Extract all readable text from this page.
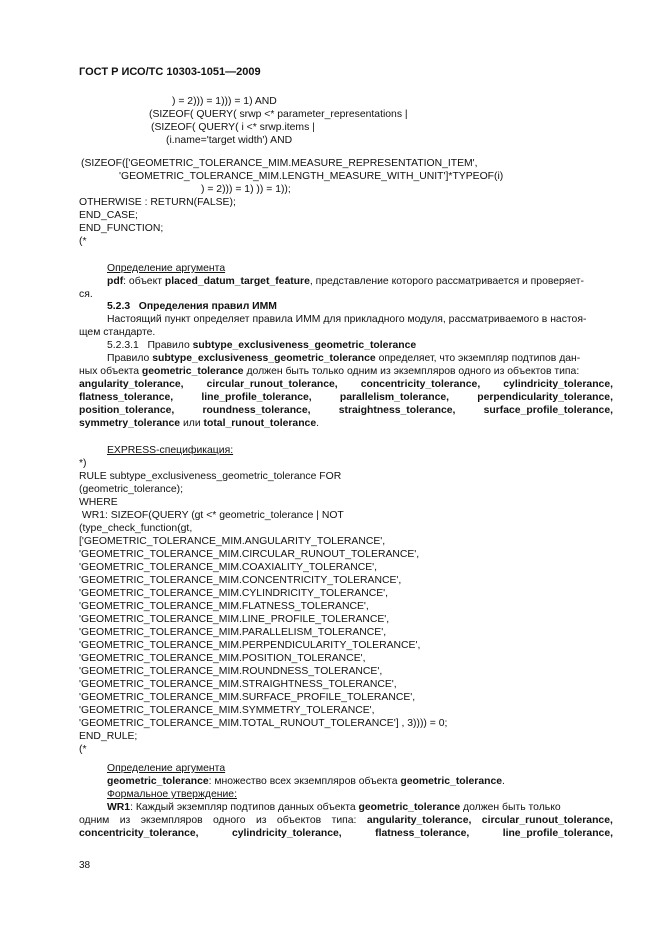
ГОСТ Р ИСО/ТС 10303-1051—2009
) = 2))) = 1))) = 1) AND
(SIZEOF( QUERY( srwp <* parameter_representations |
(SIZEOF( QUERY( i <* srwp.items |
(i.name='target width') AND
(SIZEOF(['GEOMETRIC_TOLERANCE_MIM.MEASURE_REPRESENTATION_ITEM',
'GEOMETRIC_TOLERANCE_MIM.LENGTH_MEASURE_WITH_UNIT']*TYPEOF(i)
) = 2))) = 1) )) = 1));
OTHERWISE : RETURN(FALSE);
END_CASE;
END_FUNCTION;
(*
Определение аргумента
pdf: объект placed_datum_target_feature, представление которого рассматривается и проверяет-
ся.
5.2.3 Определения правил ИММ
Настоящий пункт определяет правила ИММ для прикладного модуля, рассматриваемого в настоя-
щем стандарте.
5.2.3.1 Правило subtype_exclusiveness_geometric_tolerance
Правило subtype_exclusiveness_geometric_tolerance определяет, что экземпляр подтипов дан-
ных объекта geometric_tolerance должен быть только одним из экземпляров одного из объектов типа:
angularity_tolerance, circular_runout_tolerance, concentricity_tolerance, cylindricity_tolerance,
flatness_tolerance,	line_profile_tolerance,	parallelism_tolerance,	perpendicularity_tolerance,
position_tolerance,	roundness_tolerance,	straightness_tolerance,	surface_profile_tolerance,
symmetry_tolerance или total_runout_tolerance.
EXPRESS-спецификация:
*)
RULE subtype_exclusiveness_geometric_tolerance FOR
(geometric_tolerance);
WHERE
WR1: SIZEOF(QUERY (gt <* geometric_tolerance | NOT
(type_check_function(gt,
['GEOMETRIC_TOLERANCE_MIM.ANGULARITY_TOLERANCE',
'GEOMETRIC_TOLERANCE_MIM.CIRCULAR_RUNOUT_TOLERANCE',
'GEOMETRIC_TOLERANCE_MIM.COAXIALITY_TOLERANCE',
'GEOMETRIC_TOLERANCE_MIM.CONCENTRICITY_TOLERANCE',
'GEOMETRIC_TOLERANCE_MIM.CYLINDRICITY_TOLERANCE',
'GEOMETRIC_TOLERANCE_MIM.FLATNESS_TOLERANCE',
'GEOMETRIC_TOLERANCE_MIM.LINE_PROFILE_TOLERANCE',
'GEOMETRIC_TOLERANCE_MIM.PARALLELISM_TOLERANCE',
'GEOMETRIC_TOLERANCE_MIM.PERPENDICULARITY_TOLERANCE',
'GEOMETRIC_TOLERANCE_MIM.POSITION_TOLERANCE',
'GEOMETRIC_TOLERANCE_MIM.ROUNDNESS_TOLERANCE',
'GEOMETRIC_TOLERANCE_MIM.STRAIGHTNESS_TOLERANCE',
'GEOMETRIC_TOLERANCE_MIM.SURFACE_PROFILE_TOLERANCE',
'GEOMETRIC_TOLERANCE_MIM.SYMMETRY_TOLERANCE',
'GEOMETRIC_TOLERANCE_MIM.TOTAL_RUNOUT_TOLERANCE'] , 3)))) = 0;
END_RULE;
(*
Определение аргумента
geometric_tolerance: множество всех экземпляров объекта geometric_tolerance.
Формальное утверждение:
WR1: Каждый экземпляр подтипов данных объекта geometric_tolerance должен быть только
одним из экземпляров одного из объектов типа: angularity_tolerance, circular_runout_tolerance,
concentricity_tolerance,	cylindricity_tolerance,	flatness_tolerance,	line_profile_tolerance,
38
